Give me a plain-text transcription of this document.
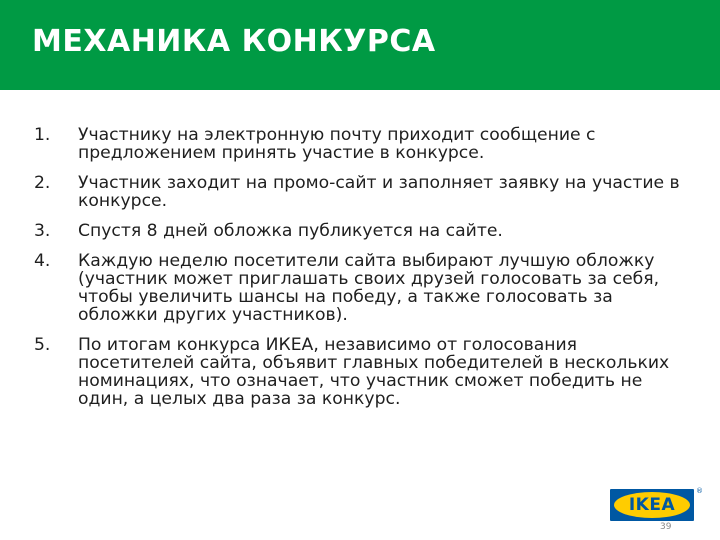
МЕХАНИКА КОНКУРСА
1.	Участнику на электронную почту приходит сообщение с предложением принять участие в конкурсе.
2.	Участник заходит на промо-сайт и заполняет заявку на участие в конкурсе.
3.	Спустя 8 дней обложка публикуется на сайте.
4.	Каждую неделю посетители сайта выбирают лучшую обложку (участник может приглашать своих друзей голосовать за себя, чтобы увеличить шансы на победу, а также голосовать за обложки других участников).
5.	По итогам конкурса ИКЕА, независимо от голосования посетителей сайта, объявит главных победителей в нескольких номинациях, что означает, что участник сможет победить не один, а целых два раза за конкурс.
IKEA
®
39
